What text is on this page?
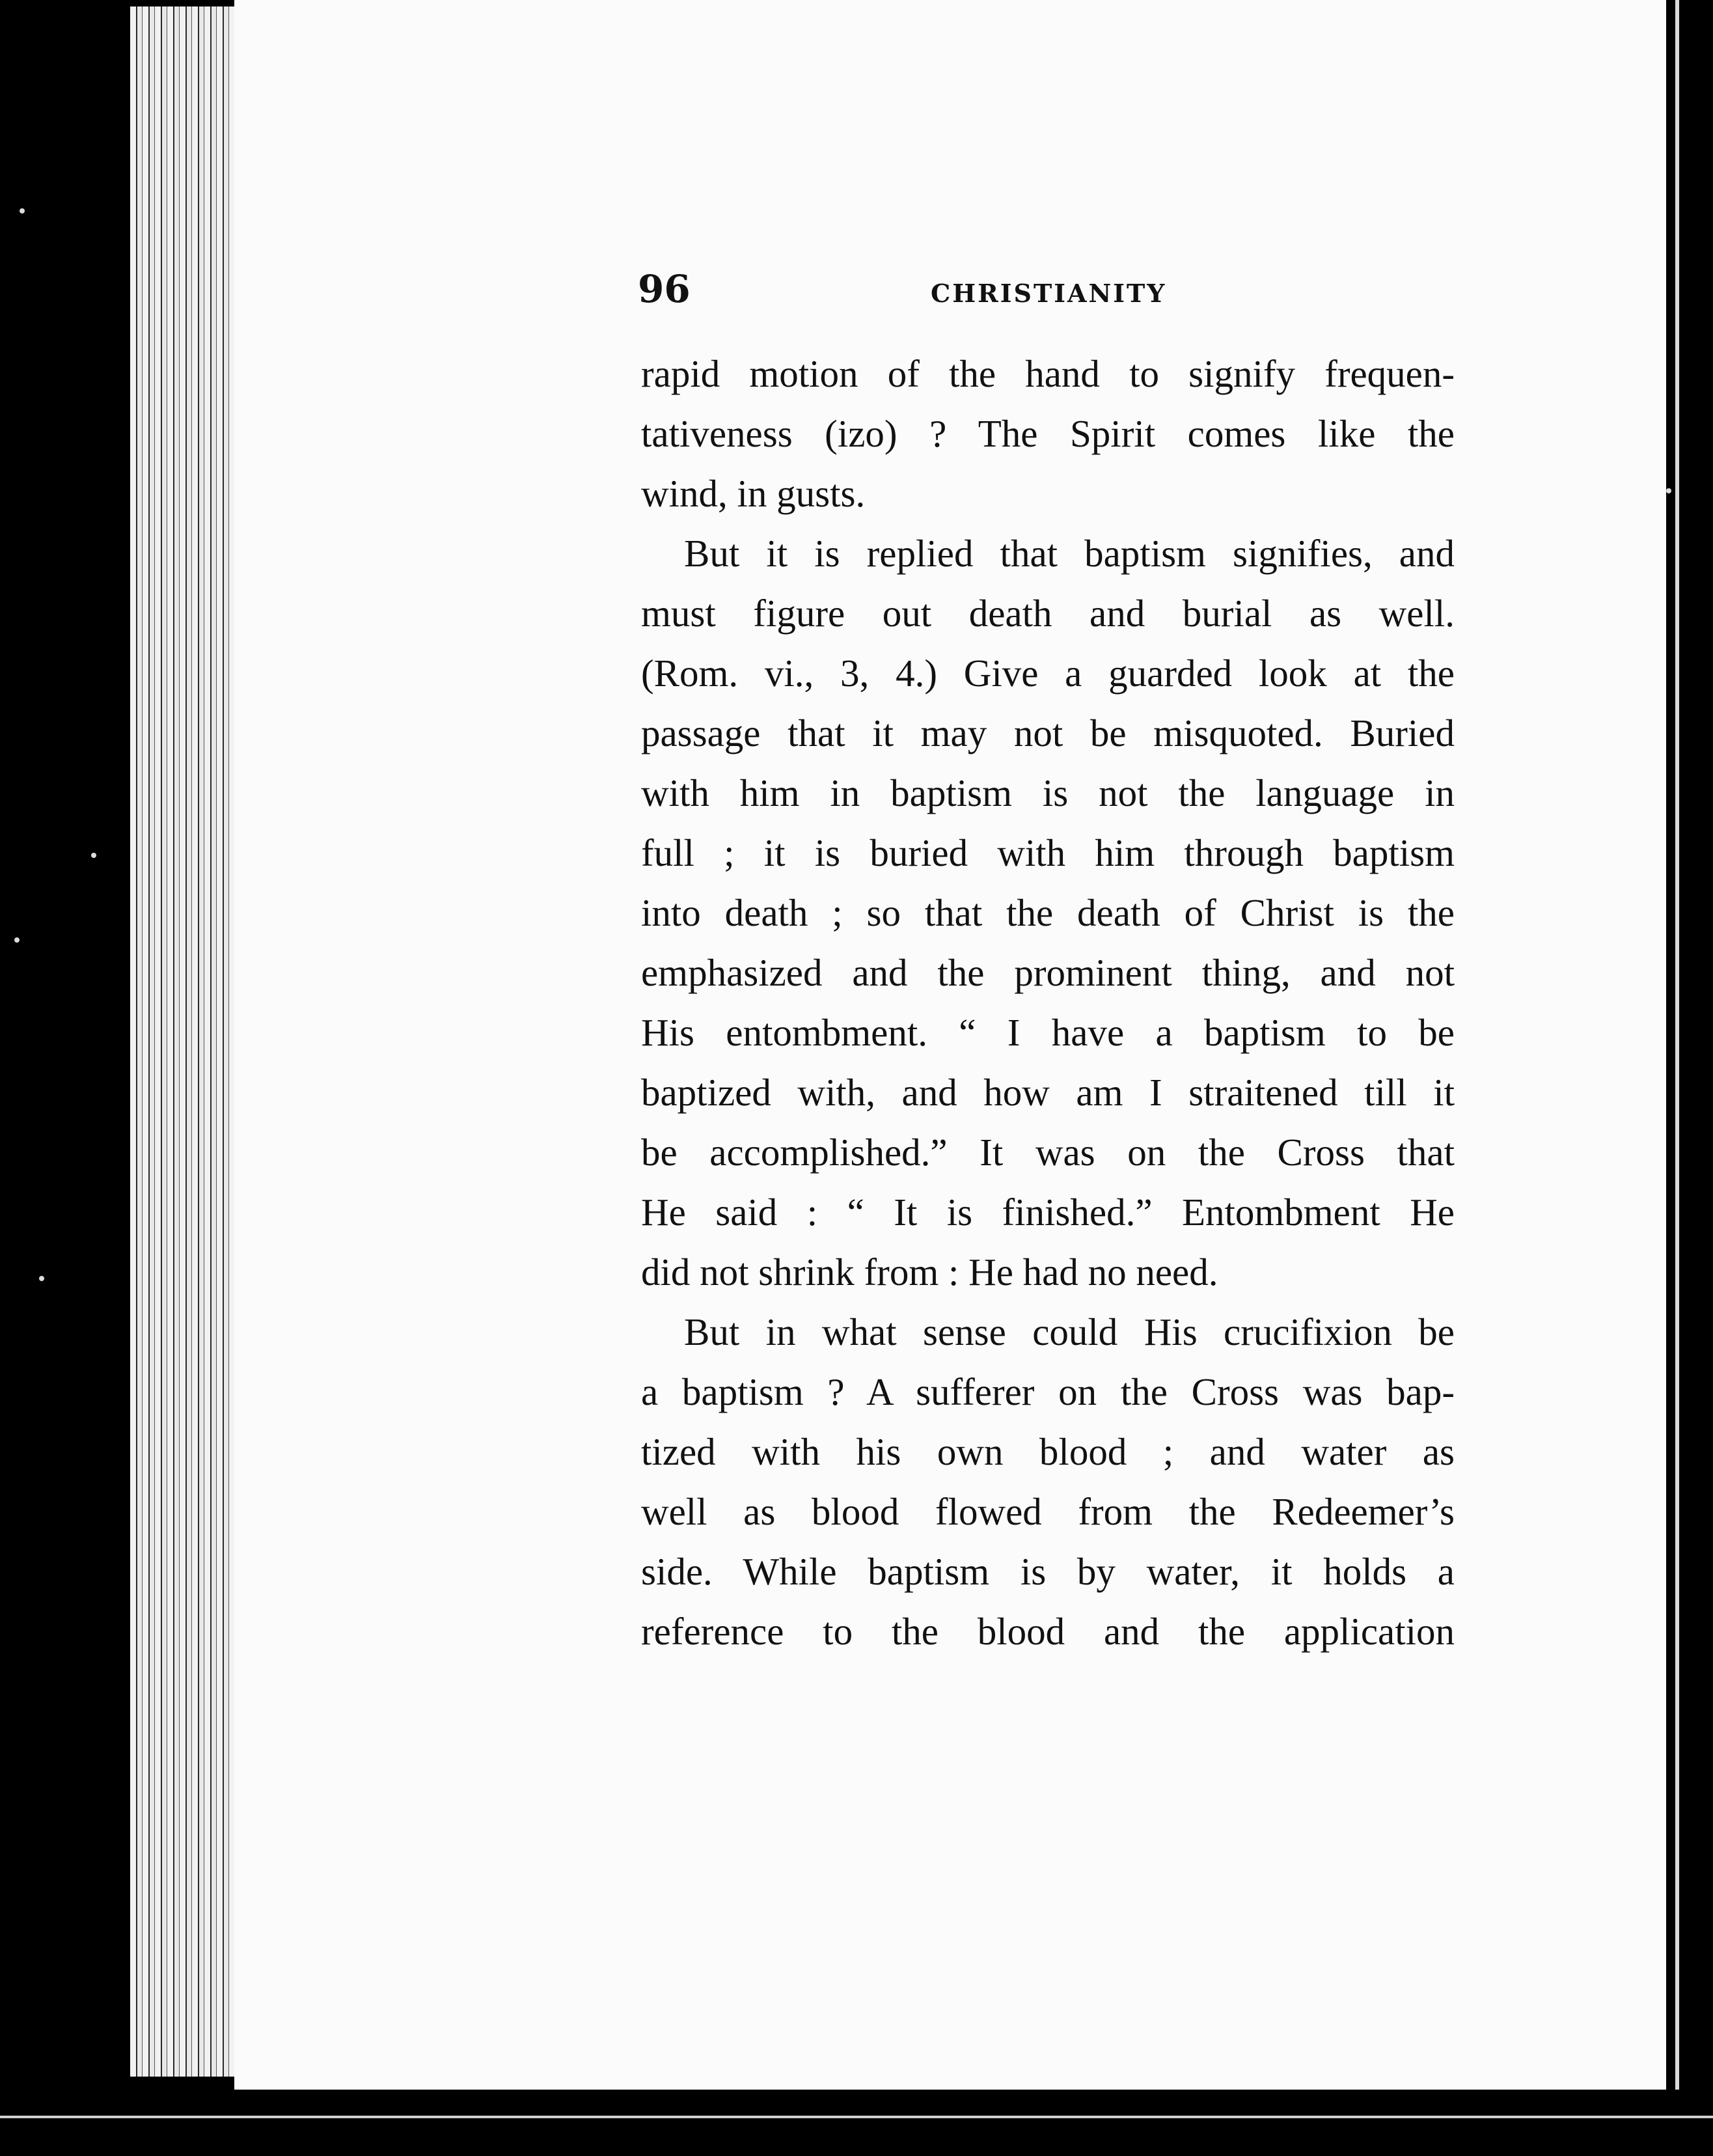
96	CHRISTIANITY
rapid motion of the hand to signify frequen-
tativeness (izo) ? The Spirit comes like the
wind, in gusts.
But it is replied that baptism signifies, and
must figure out death and burial as well.
(Rom. vi., 3, 4.) Give a guarded look at the
passage that it may not be misquoted. Buried
with him in baptism is not the language in
full ; it is buried with him through baptism
into death ; so that the death of Christ is the
emphasized and the prominent thing, and not
His entombment. “ I have a baptism to be
baptized with, and how am I straitened till it
be accomplished.” It was on the Cross that
He said : “ It is finished.” Entombment He
did not shrink from : He had no need.
But in what sense could His crucifixion be
a baptism ? A sufferer on the Cross was bap-
tized with his own blood ; and water as
well as blood flowed from the Redeemer’s
side. While baptism is by water, it holds a
reference to the blood and the application
